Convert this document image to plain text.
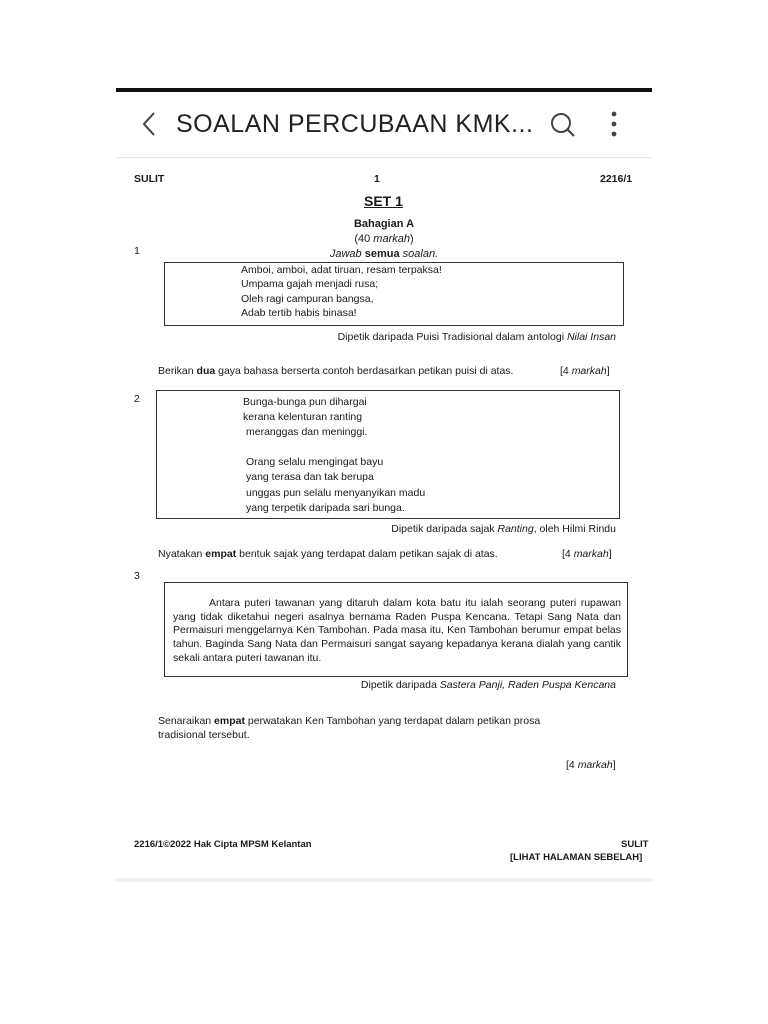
SOALAN PERCUBAAN KMK...
SULIT	1	2216/1
SET 1
Bahagian A
(40 markah)
Jawab semua soalan.
1
Amboi, amboi, adat tiruan, resam terpaksa!
Umpama gajah menjadi rusa;
Oleh ragi campuran bangsa,
Adab tertib habis binasa!
Dipetik daripada Puisi Tradisional dalam antologi Nilai Insan
Berikan dua gaya bahasa berserta contoh berdasarkan petikan puisi di atas.	[4 markah]
2	Bunga-bunga pun dihargai
kerana kelenturan ranting
meranggas dan meninggi.
Orang selalu mengingat bayu
yang terasa dan tak berupa
unggas pun selalu menyanyikan madu
yang terpetik daripada sari bunga.
Dipetik daripada sajak Ranting, oleh Hilmi Rindu
Nyatakan empat bentuk sajak yang terdapat dalam petikan sajak di atas.	[4 markah]
3
Antara puteri tawanan yang ditaruh dalam kota batu itu ialah seorang puteri rupawan yang tidak diketahui negeri asalnya bernama Raden Puspa Kencana. Tetapi Sang Nata dan Permaisuri menggelarnya Ken Tambohan. Pada masa itu, Ken Tambohan berumur empat belas tahun. Baginda Sang Nata dan Permaisuri sangat sayang kepadanya kerana dialah yang cantik sekali antara puteri tawanan itu.
Dipetik daripada Sastera Panji, Raden Puspa Kencana
Senaraikan empat perwatakan Ken Tambohan yang terdapat dalam petikan prosa
tradisional tersebut.
[4 markah]
2216/1©2022 Hak Cipta MPSM Kelantan	SULIT
[LIHAT HALAMAN SEBELAH]
